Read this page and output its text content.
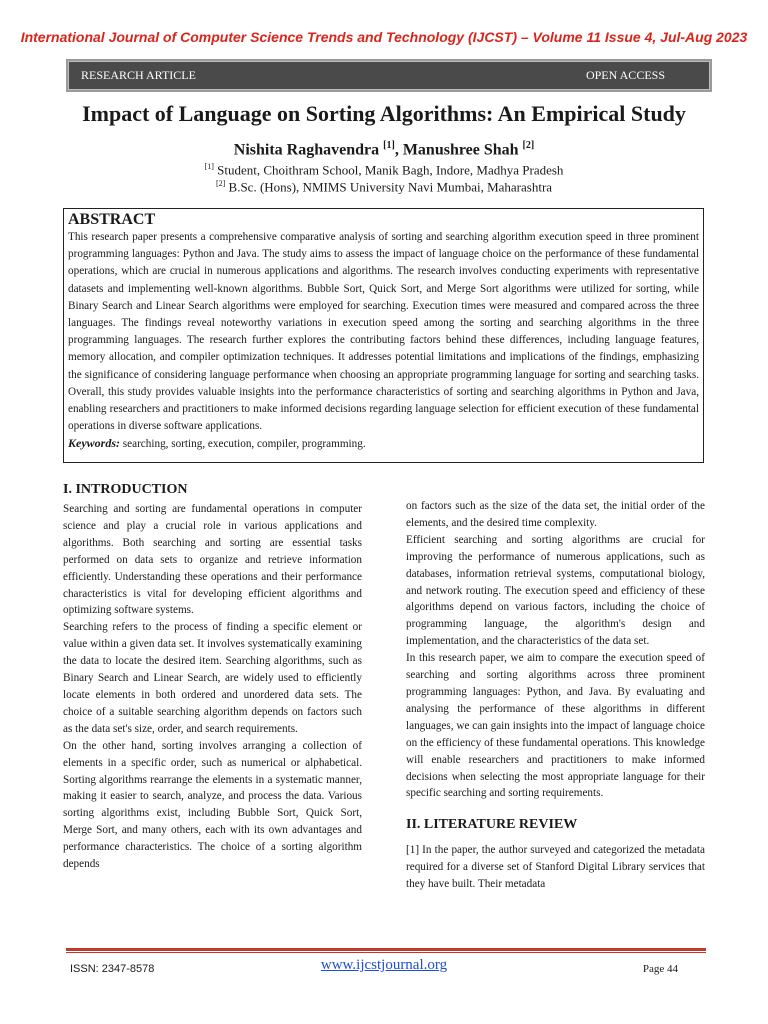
International Journal of Computer Science Trends and Technology (IJCST) – Volume 11 Issue 4, Jul-Aug 2023
RESEARCH ARTICLE	OPEN ACCESS
Impact of Language on Sorting Algorithms: An Empirical Study
Nishita Raghavendra [1], Manushree Shah [2]
[1] Student, Choithram School, Manik Bagh, Indore, Madhya Pradesh
[2] B.Sc. (Hons), NMIMS University Navi Mumbai, Maharashtra
ABSTRACT

This research paper presents a comprehensive comparative analysis of sorting and searching algorithm execution speed in three prominent programming languages: Python and Java. The study aims to assess the impact of language choice on the performance of these fundamental operations, which are crucial in numerous applications and algorithms. The research involves conducting experiments with representative datasets and implementing well-known algorithms. Bubble Sort, Quick Sort, and Merge Sort algorithms were utilized for sorting, while Binary Search and Linear Search algorithms were employed for searching. Execution times were measured and compared across the three languages. The findings reveal noteworthy variations in execution speed among the sorting and searching algorithms in the three programming languages. The research further explores the contributing factors behind these differences, including language features, memory allocation, and compiler optimization techniques. It addresses potential limitations and implications of the findings, emphasizing the significance of considering language performance when choosing an appropriate programming language for sorting and searching tasks. Overall, this study provides valuable insights into the performance characteristics of sorting and searching algorithms in Python and Java, enabling researchers and practitioners to make informed decisions regarding language selection for efficient execution of these fundamental operations in diverse software applications.

Keywords: searching, sorting, execution, compiler, programming.
I. INTRODUCTION

Searching and sorting are fundamental operations in computer science and play a crucial role in various applications and algorithms. Both searching and sorting are essential tasks performed on data sets to organize and retrieve information efficiently. Understanding these operations and their performance characteristics is vital for developing efficient algorithms and optimizing software systems.

Searching refers to the process of finding a specific element or value within a given data set. It involves systematically examining the data to locate the desired item. Searching algorithms, such as Binary Search and Linear Search, are widely used to efficiently locate elements in both ordered and unordered data sets. The choice of a suitable searching algorithm depends on factors such as the data set's size, order, and search requirements.

On the other hand, sorting involves arranging a collection of elements in a specific order, such as numerical or alphabetical. Sorting algorithms rearrange the elements in a systematic manner, making it easier to search, analyze, and process the data. Various sorting algorithms exist, including Bubble Sort, Quick Sort, Merge Sort, and many others, each with its own advantages and performance characteristics. The choice of a sorting algorithm depends

on factors such as the size of the data set, the initial order of the elements, and the desired time complexity.

Efficient searching and sorting algorithms are crucial for improving the performance of numerous applications, such as databases, information retrieval systems, computational biology, and network routing. The execution speed and efficiency of these algorithms depend on various factors, including the choice of programming language, the algorithm's design and implementation, and the characteristics of the data set.

In this research paper, we aim to compare the execution speed of searching and sorting algorithms across three prominent programming languages: Python, and Java. By evaluating and analysing the performance of these algorithms in different languages, we can gain insights into the impact of language choice on the efficiency of these fundamental operations. This knowledge will enable researchers and practitioners to make informed decisions when selecting the most appropriate language for their specific searching and sorting requirements.

II. LITERATURE REVIEW

[1] In the paper, the author surveyed and categorized the metadata required for a diverse set of Stanford Digital Library services that they have built. Their metadata

ISSN: 2347-8578	www.ijcstjournal.org	Page 44
